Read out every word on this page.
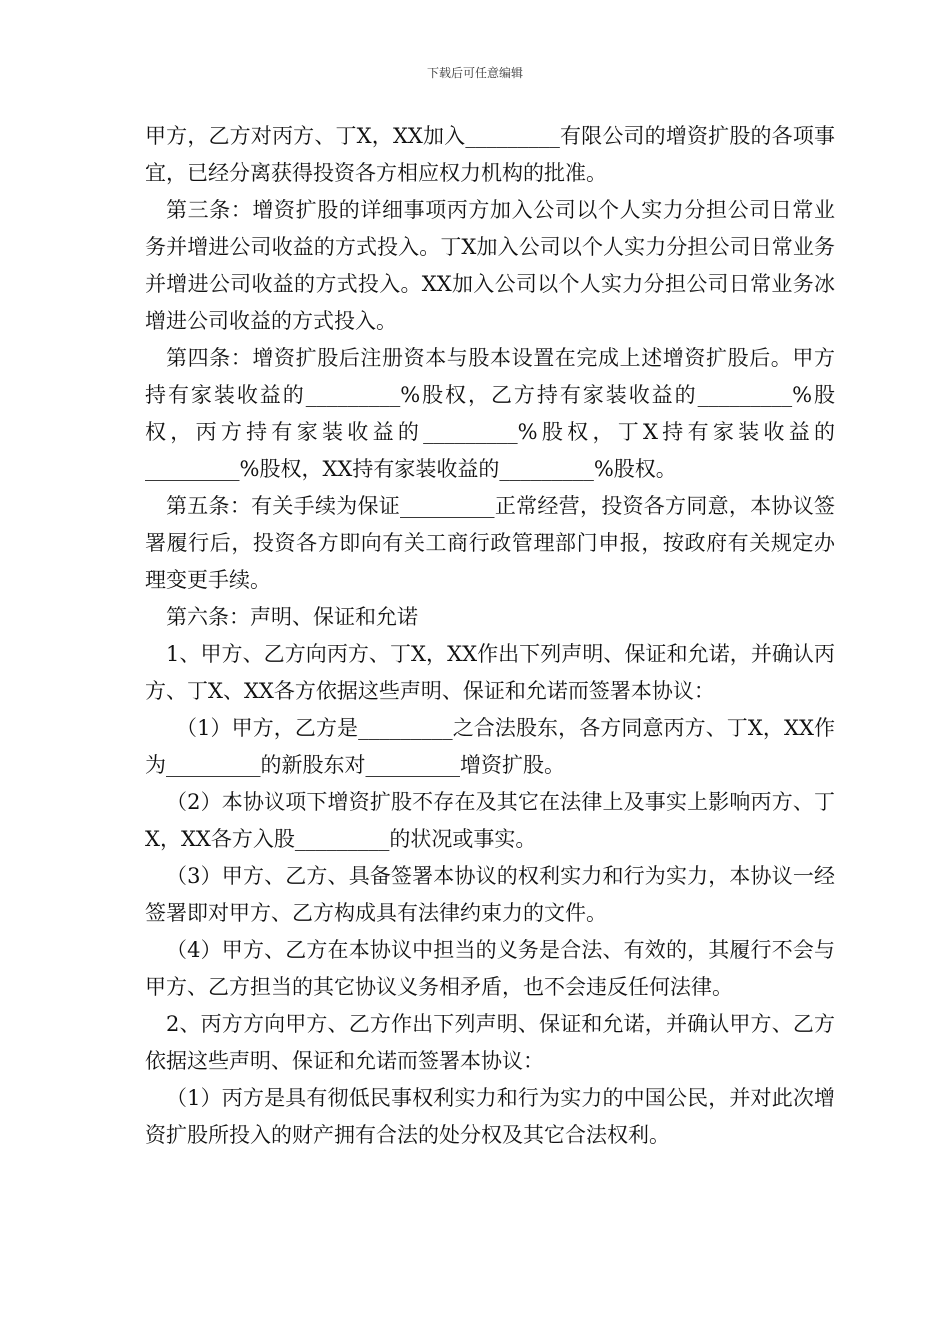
下载后可任意编辑

甲方，乙方对丙方、丁X，XX加入_________有限公司的增资扩股的各项事宜，已经分离获得投资各方相应权力机构的批准。

第三条：增资扩股的详细事项丙方加入公司以个人实力分担公司日常业务并增进公司收益的方式投入。丁X加入公司以个人实力分担公司日常业务并增进公司收益的方式投入。XX加入公司以个人实力分担公司日常业务冰增进公司收益的方式投入。

第四条：增资扩股后注册资本与股本设置在完成上述增资扩股后。甲方持有家装收益的_________%股权，乙方持有家装收益的_________%股权，丙方持有家装收益的_________%股权，丁X持有家装收益的_________%股权，XX持有家装收益的_________%股权。

第五条：有关手续为保证_________正常经营，投资各方同意，本协议签署履行后，投资各方即向有关工商行政管理部门申报，按政府有关规定办理变更手续。

第六条：声明、保证和允诺

1、甲方、乙方向丙方、丁X，XX作出下列声明、保证和允诺，并确认丙方、丁X、XX各方依据这些声明、保证和允诺而签署本协议：

（1）甲方，乙方是_________之合法股东，各方同意丙方、丁X，XX作为_________的新股东对_________增资扩股。

（2）本协议项下增资扩股不存在及其它在法律上及事实上影响丙方、丁X，XX各方入股_________的状况或事实。

（3）甲方、乙方、具备签署本协议的权利实力和行为实力，本协议一经签署即对甲方、乙方构成具有法律约束力的文件。

（4）甲方、乙方在本协议中担当的义务是合法、有效的，其履行不会与甲方、乙方担当的其它协议义务相矛盾，也不会违反任何法律。

2、丙方方向甲方、乙方作出下列声明、保证和允诺，并确认甲方、乙方依据这些声明、保证和允诺而签署本协议：

（1）丙方是具有彻低民事权利实力和行为实力的中国公民，并对此次增资扩股所投入的财产拥有合法的处分权及其它合法权利。
